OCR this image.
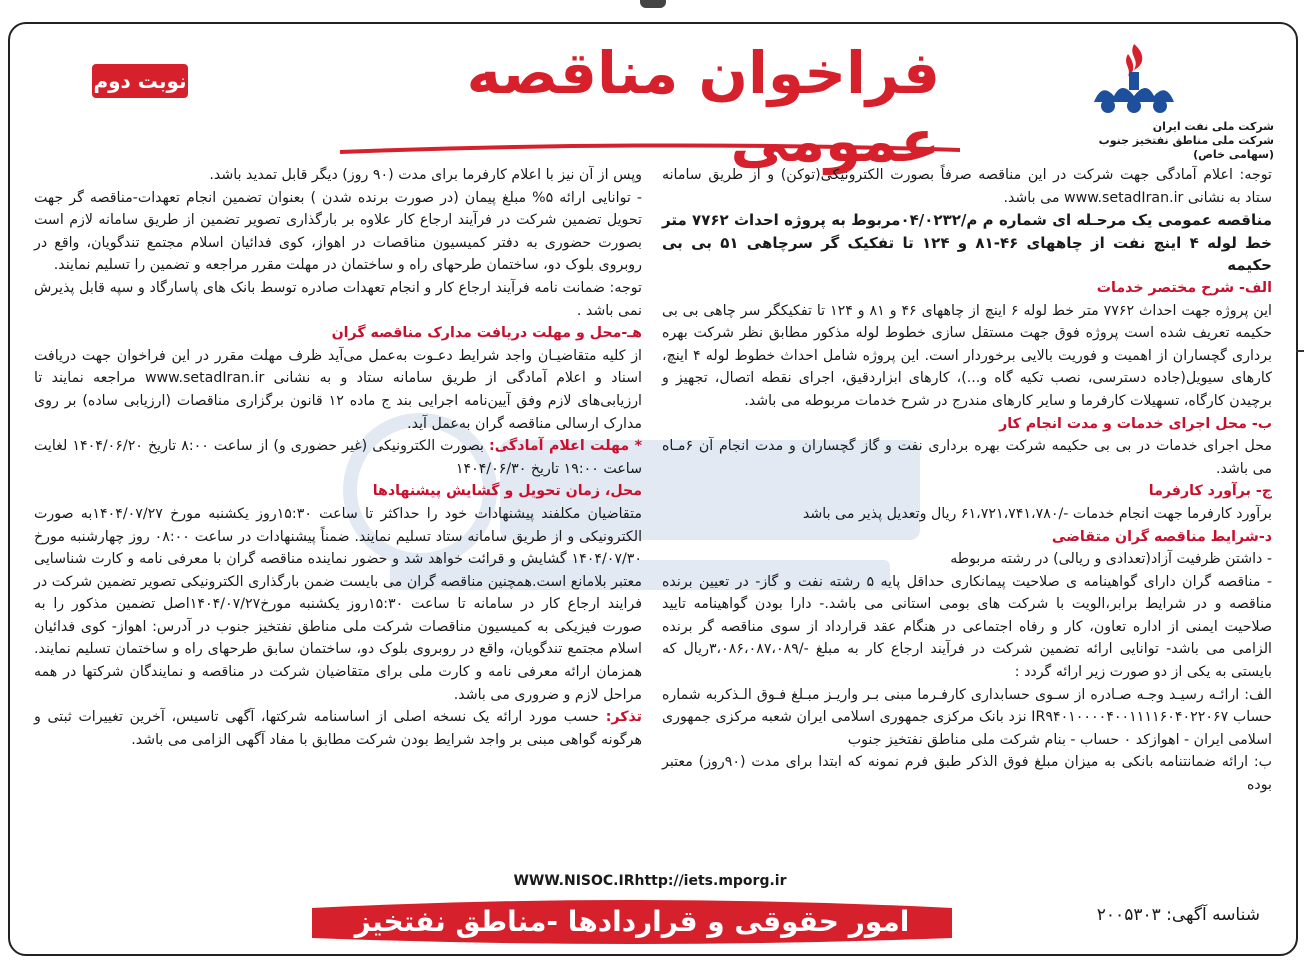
نوبت دوم	فراخوان مناقصه عمومی	شرکت ملی نفت ایران
شرکت ملی مناطق نفتخیز جنوب (سهامی خاص)

توجه: اعلام آمادگی جهت شرکت در این مناقصه صرفاً بصورت الکترونیکی(توکن) و از طریق سامانه ستاد به نشانی www.setadIran.ir می باشد.

مناقصه عمومی یک مرحـله ای شماره م م/۰۴/۰۲۳۲مربوط به پروژه احداث ۷۷۶۲ متر خط لوله ۴ اینچ نفت از چاههای ۴۶-۸۱ و ۱۲۴ تا تفکیک گر سرچاهی ۵۱ بی بی حکیمه

الف- شرح مختصر خدمات

این پروژه جهت احداث ۷۷۶۲ متر خط لوله ۶ اینچ از چاههای ۴۶ و ۸۱ و ۱۲۴ تا تفکیکگر سر چاهی بی بی حکیمه تعریف شده است پروژه فوق جهت مستقل سازی خطوط لوله مذکور مطابق نظر شرکت بهره برداری گچساران از اهمیت و فوریت بالایی برخوردار است. این پروژه شامل احداث خطوط لوله ۴ اینچ، کارهای سیویل(جاده دسترسی، نصب تکیه گاه و...)، کارهای ابزاردقیق، اجرای نقطه اتصال، تجهیز و برچیدن کارگاه، تسهیلات کارفرما و سایر کارهای مندرج در شرح خدمات مربوطه می باشد.

ب- محل اجرای خدمات و مدت انجام کار

محل اجرای خدمات در بی بی حکیمه شرکت بهره برداری نفت و گاز گچساران و مدت انجام آن ۶مـاه می باشد.

ج- برآورد کارفرما

برآورد کارفرما جهت انجام خدمات -/۶۱،۷۲۱،۷۴۱،۷۸۰ ریال وتعدیل پذیر می باشد

د-شرایط مناقصه گران متقاضی

- داشتن ظرفیت آزاد(تعدادی و ریالی) در رشته مربوطه

- مناقصه گران دارای گواهینامه ی صلاحیت پیمانکاری حداقل پایه ۵ رشته نفت و گاز- در تعیین برنده مناقصه و در شرایط برابر،الویت با شرکت های بومی استانی می باشد.- دارا بودن گواهینامه تایید صلاحیت ایمنی از اداره تعاون، کار و رفاه اجتماعی در هنگام عقد قرارداد از سوی مناقصه گر برنده الزامی می باشد- توانایی ارائه تضمین شرکت در فرآیند ارجاع کار به مبلغ -/۳،۰۸۶،۰۸۷،۰۸۹ریال که بایستی به یکی از دو صورت زیر ارائه گردد :

الف: ارائـه رسیـد وجـه صـادره از سـوی حسابداری کارفـرما مبنی بـر واریـز مبـلغ فـوق الـذکربه شماره حساب IR۹۴۰۱۰۰۰۰۴۰۰۱۱۱۱۶۰۴۰۲۲۰۶۷ نزد بانک مرکزی جمهوری اسلامی ایران شعبه مرکزی جمهوری اسلامی ایران - اهوازکد ۰ حساب - بنام شرکت ملی مناطق نفتخیز جنوب

ب: ارائه ضمانتنامه بانکی به میزان مبلغ فوق الذکر طبق فرم نمونه که ابتدا برای مدت (۹۰روز) معتبر بوده

وپس از آن نیز با اعلام کارفرما برای مدت (۹۰ روز) دیگر قابل تمدید باشد.

- توانایی ارائه ۵% مبلغ پیمان (در صورت برنده شدن ) بعنوان تضمین انجام تعهدات-مناقصه گر جهت تحویل تضمین شرکت در فرآیند ارجاع کار علاوه بر بارگذاری تصویر تضمین از طریق سامانه لازم است بصورت حضوری به دفتر کمیسیون مناقصات در اهواز، کوی فدائیان اسلام مجتمع تندگویان، واقع در روبروی بلوک دو، ساختمان طرحهای راه و ساختمان در مهلت مقرر مراجعه و تضمین را تسلیم نمایند.

توجه: ضمانت نامه فرآیند ارجاع کار و انجام تعهدات صادره توسط بانک های پاسارگاد و سپه قابل پذیرش نمی باشد .

هـ-محل و مهلت دریافت مدارک مناقصه گران

از کلیه متقاضیـان واجد شرایط دعـوت به‌عمل می‌آید ظرف مهلت مقرر در این فراخوان جهت دریافت اسناد و اعلام آمادگی از طریق سامانه ستاد و به نشانی www.setadIran.ir مراجعه نمایند تا ارزیابی‌های لازم وفق آیین‌نامه اجرایی بند ج ماده ۱۲ قانون برگزاری مناقصات (ارزیابی ساده) بر روی مدارک ارسالی مناقصه گران به‌عمل آید.

* مهلت اعلام آمادگی: بصورت الکترونیکی (غیر حضوری و) از ساعت ۸:۰۰ تاریخ ۱۴۰۴/۰۶/۲۰ لغایت ساعت ۱۹:۰۰ تاریخ ۱۴۰۴/۰۶/۳۰

محل، زمان تحویل و گشایش پیشنهادها

متقاضیان مکلفند پیشنهادات خود را حداکثر تا ساعت ۱۵:۳۰روز یکشنبه مورخ ۱۴۰۴/۰۷/۲۷به صورت الکترونیکی و از طریق سامانه ستاد تسلیم نمایند. ضمناً پیشنهادات در ساعت ۰۸:۰۰ روز چهارشنبه مورخ ۱۴۰۴/۰۷/۳۰ گشایش و قرائت خواهد شد و حضور نماینده مناقصه گران با معرفی نامه و کارت شناسایی معتبر بلامانع است.همچنین مناقصه گران می بایست ضمن بارگذاری الکترونیکی تصویر تضمین شرکت در فرایند ارجاع کار در سامانه تا ساعت ۱۵:۳۰روز یکشنبه مورخ۱۴۰۴/۰۷/۲۷اصل تضمین مذکور را به صورت فیزیکی به کمیسیون مناقصات شرکت ملی مناطق نفتخیز جنوب در آدرس: اهواز- کوی فدائیان اسلام مجتمع تندگویان، واقع در روبروی بلوک دو، ساختمان سابق طرحهای راه و ساختمان تسلیم نمایند. همزمان ارائه معرفی نامه و کارت ملی برای متقاضیان شرکت در مناقصه و نمایندگان شرکتها در همه مراحل لازم و ضروری می باشد.

تذکر: حسب مورد ارائه یک نسخه اصلی از اساسنامه شرکتها، آگهی تاسیس، آخرین تغییرات ثبتی و هرگونه گواهی مبنی بر واجد شرایط بودن شرکت مطابق با مفاد آگهی الزامی می باشد.

WWW.NISOC.IRhttp://iets.mporg.ir
امور حقوقی و قراردادها -مناطق نفتخیز	شناسه آگهی: ۲۰۰۵۳۰۳
